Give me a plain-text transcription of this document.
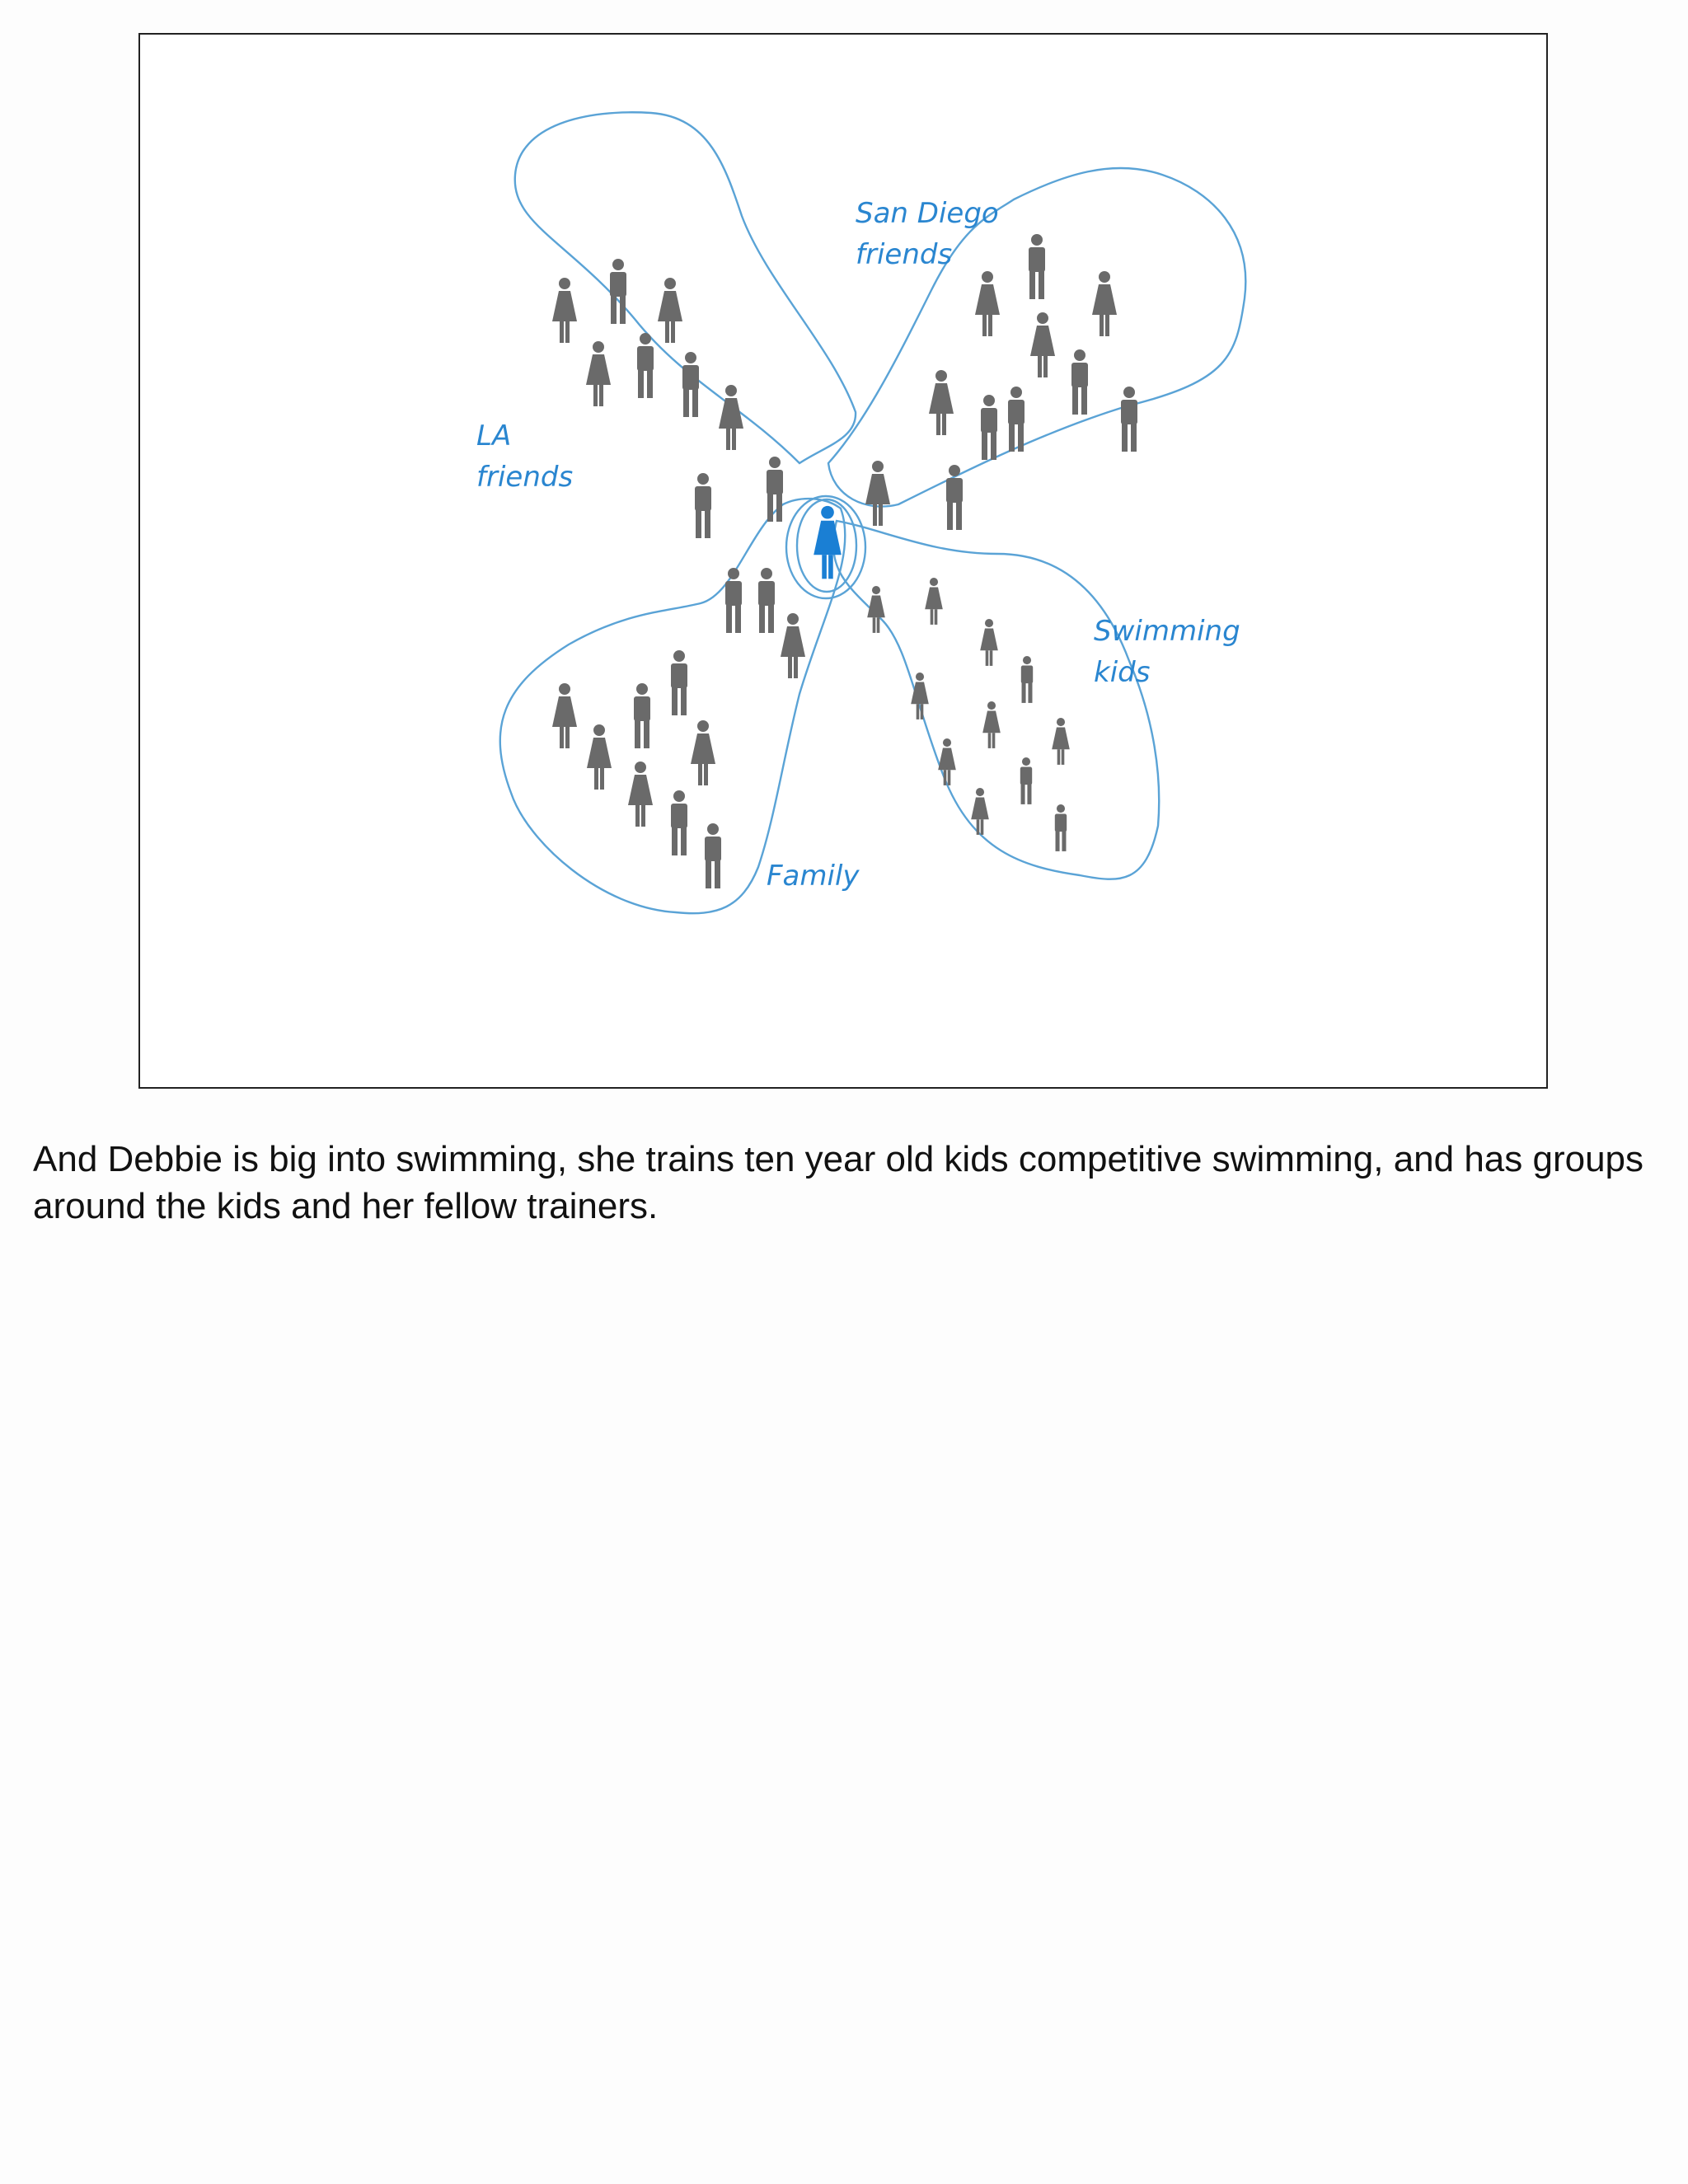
LA friends
San Diego friends
Swimming kids
Family

And Debbie is big into swimming, she trains ten year old kids competitive swimming, and has groups around the kids and her fellow trainers.
